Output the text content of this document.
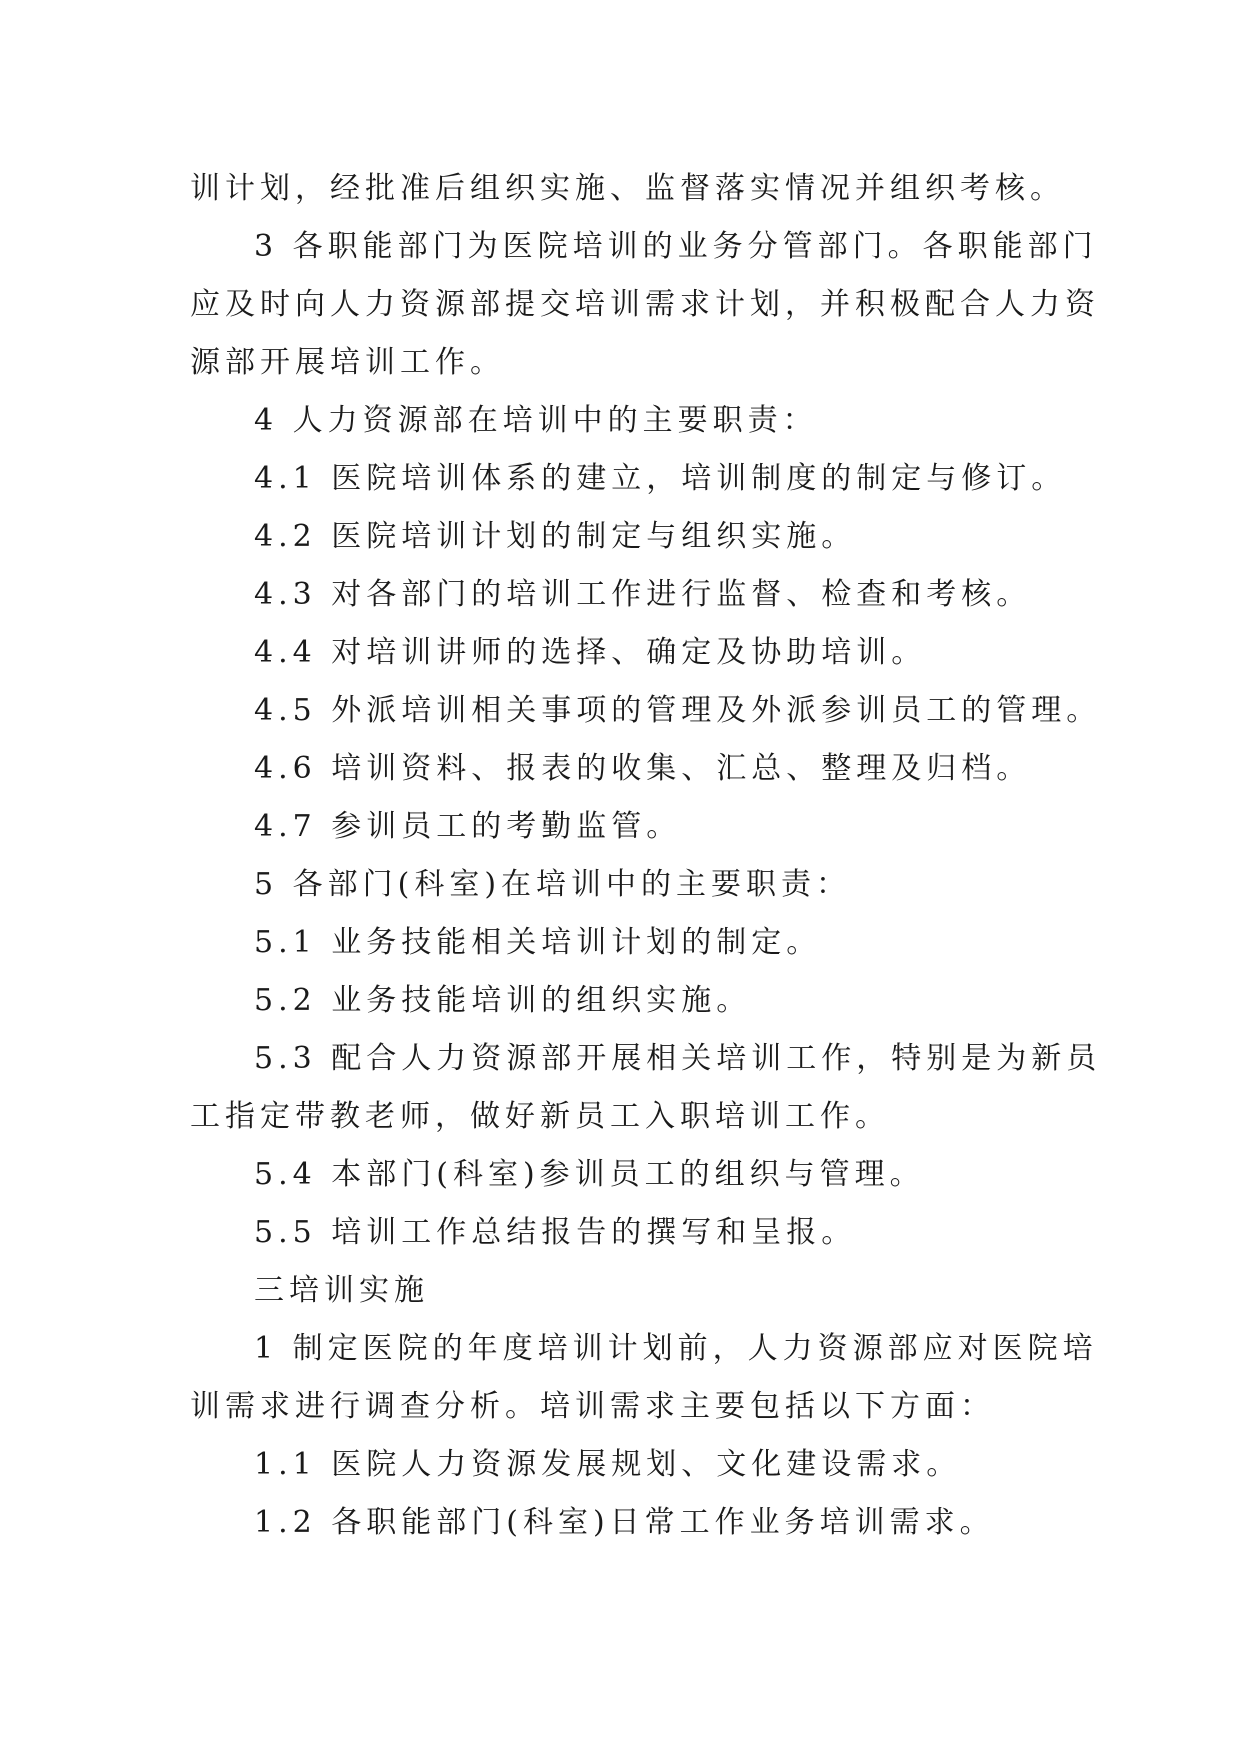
训计划，经批准后组织实施、监督落实情况并组织考核。
3 各职能部门为医院培训的业务分管部门。各职能部门
应及时向人力资源部提交培训需求计划，并积极配合人力资
源部开展培训工作。
4 人力资源部在培训中的主要职责：
4.1 医院培训体系的建立，培训制度的制定与修订。
4.2 医院培训计划的制定与组织实施。
4.3 对各部门的培训工作进行监督、检查和考核。
4.4 对培训讲师的选择、确定及协助培训。
4.5 外派培训相关事项的管理及外派参训员工的管理。
4.6 培训资料、报表的收集、汇总、整理及归档。
4.7 参训员工的考勤监管。
5 各部门(科室)在培训中的主要职责：
5.1 业务技能相关培训计划的制定。
5.2 业务技能培训的组织实施。
5.3 配合人力资源部开展相关培训工作，特别是为新员
工指定带教老师，做好新员工入职培训工作。
5.4 本部门(科室)参训员工的组织与管理。
5.5 培训工作总结报告的撰写和呈报。
三培训实施
1 制定医院的年度培训计划前，人力资源部应对医院培
训需求进行调查分析。培训需求主要包括以下方面：
1.1 医院人力资源发展规划、文化建设需求。
1.2 各职能部门(科室)日常工作业务培训需求。
